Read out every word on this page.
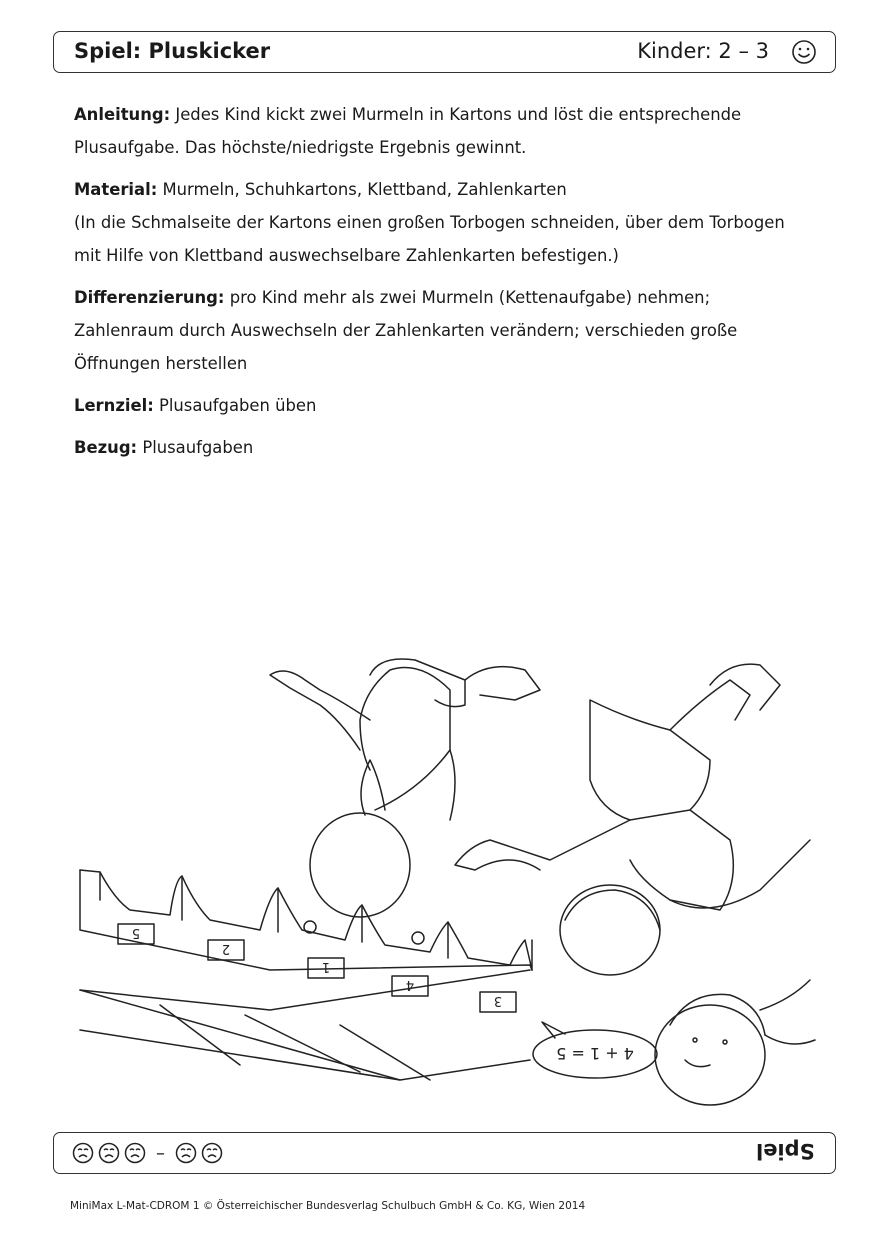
Spiel: Pluskicker	Kinder: 2 – 3

Anleitung: Jedes Kind kickt zwei Murmeln in Kartons und löst die entsprechende Plusaufgabe. Das höchste/niedrigste Ergebnis gewinnt.

Material: Murmeln, Schuhkartons, Klettband, Zahlenkarten
(In die Schmalseite der Kartons einen großen Torbogen schneiden, über dem Torbogen mit Hilfe von Klettband auswechselbare Zahlenkarten befestigen.)

Differenzierung: pro Kind mehr als zwei Murmeln (Kettenaufgabe) nehmen; Zahlenraum durch Auswechseln der Zahlenkarten verändern; verschieden große Öffnungen herstellen

Lernziel: Plusaufgaben üben

Bezug: Plusaufgaben

5
2
1
4
3
4 + 1 = 5
–	Spiel
MiniMax L-Mat-CDROM 1 © Österreichischer Bundesverlag Schulbuch GmbH & Co. KG, Wien 2014
